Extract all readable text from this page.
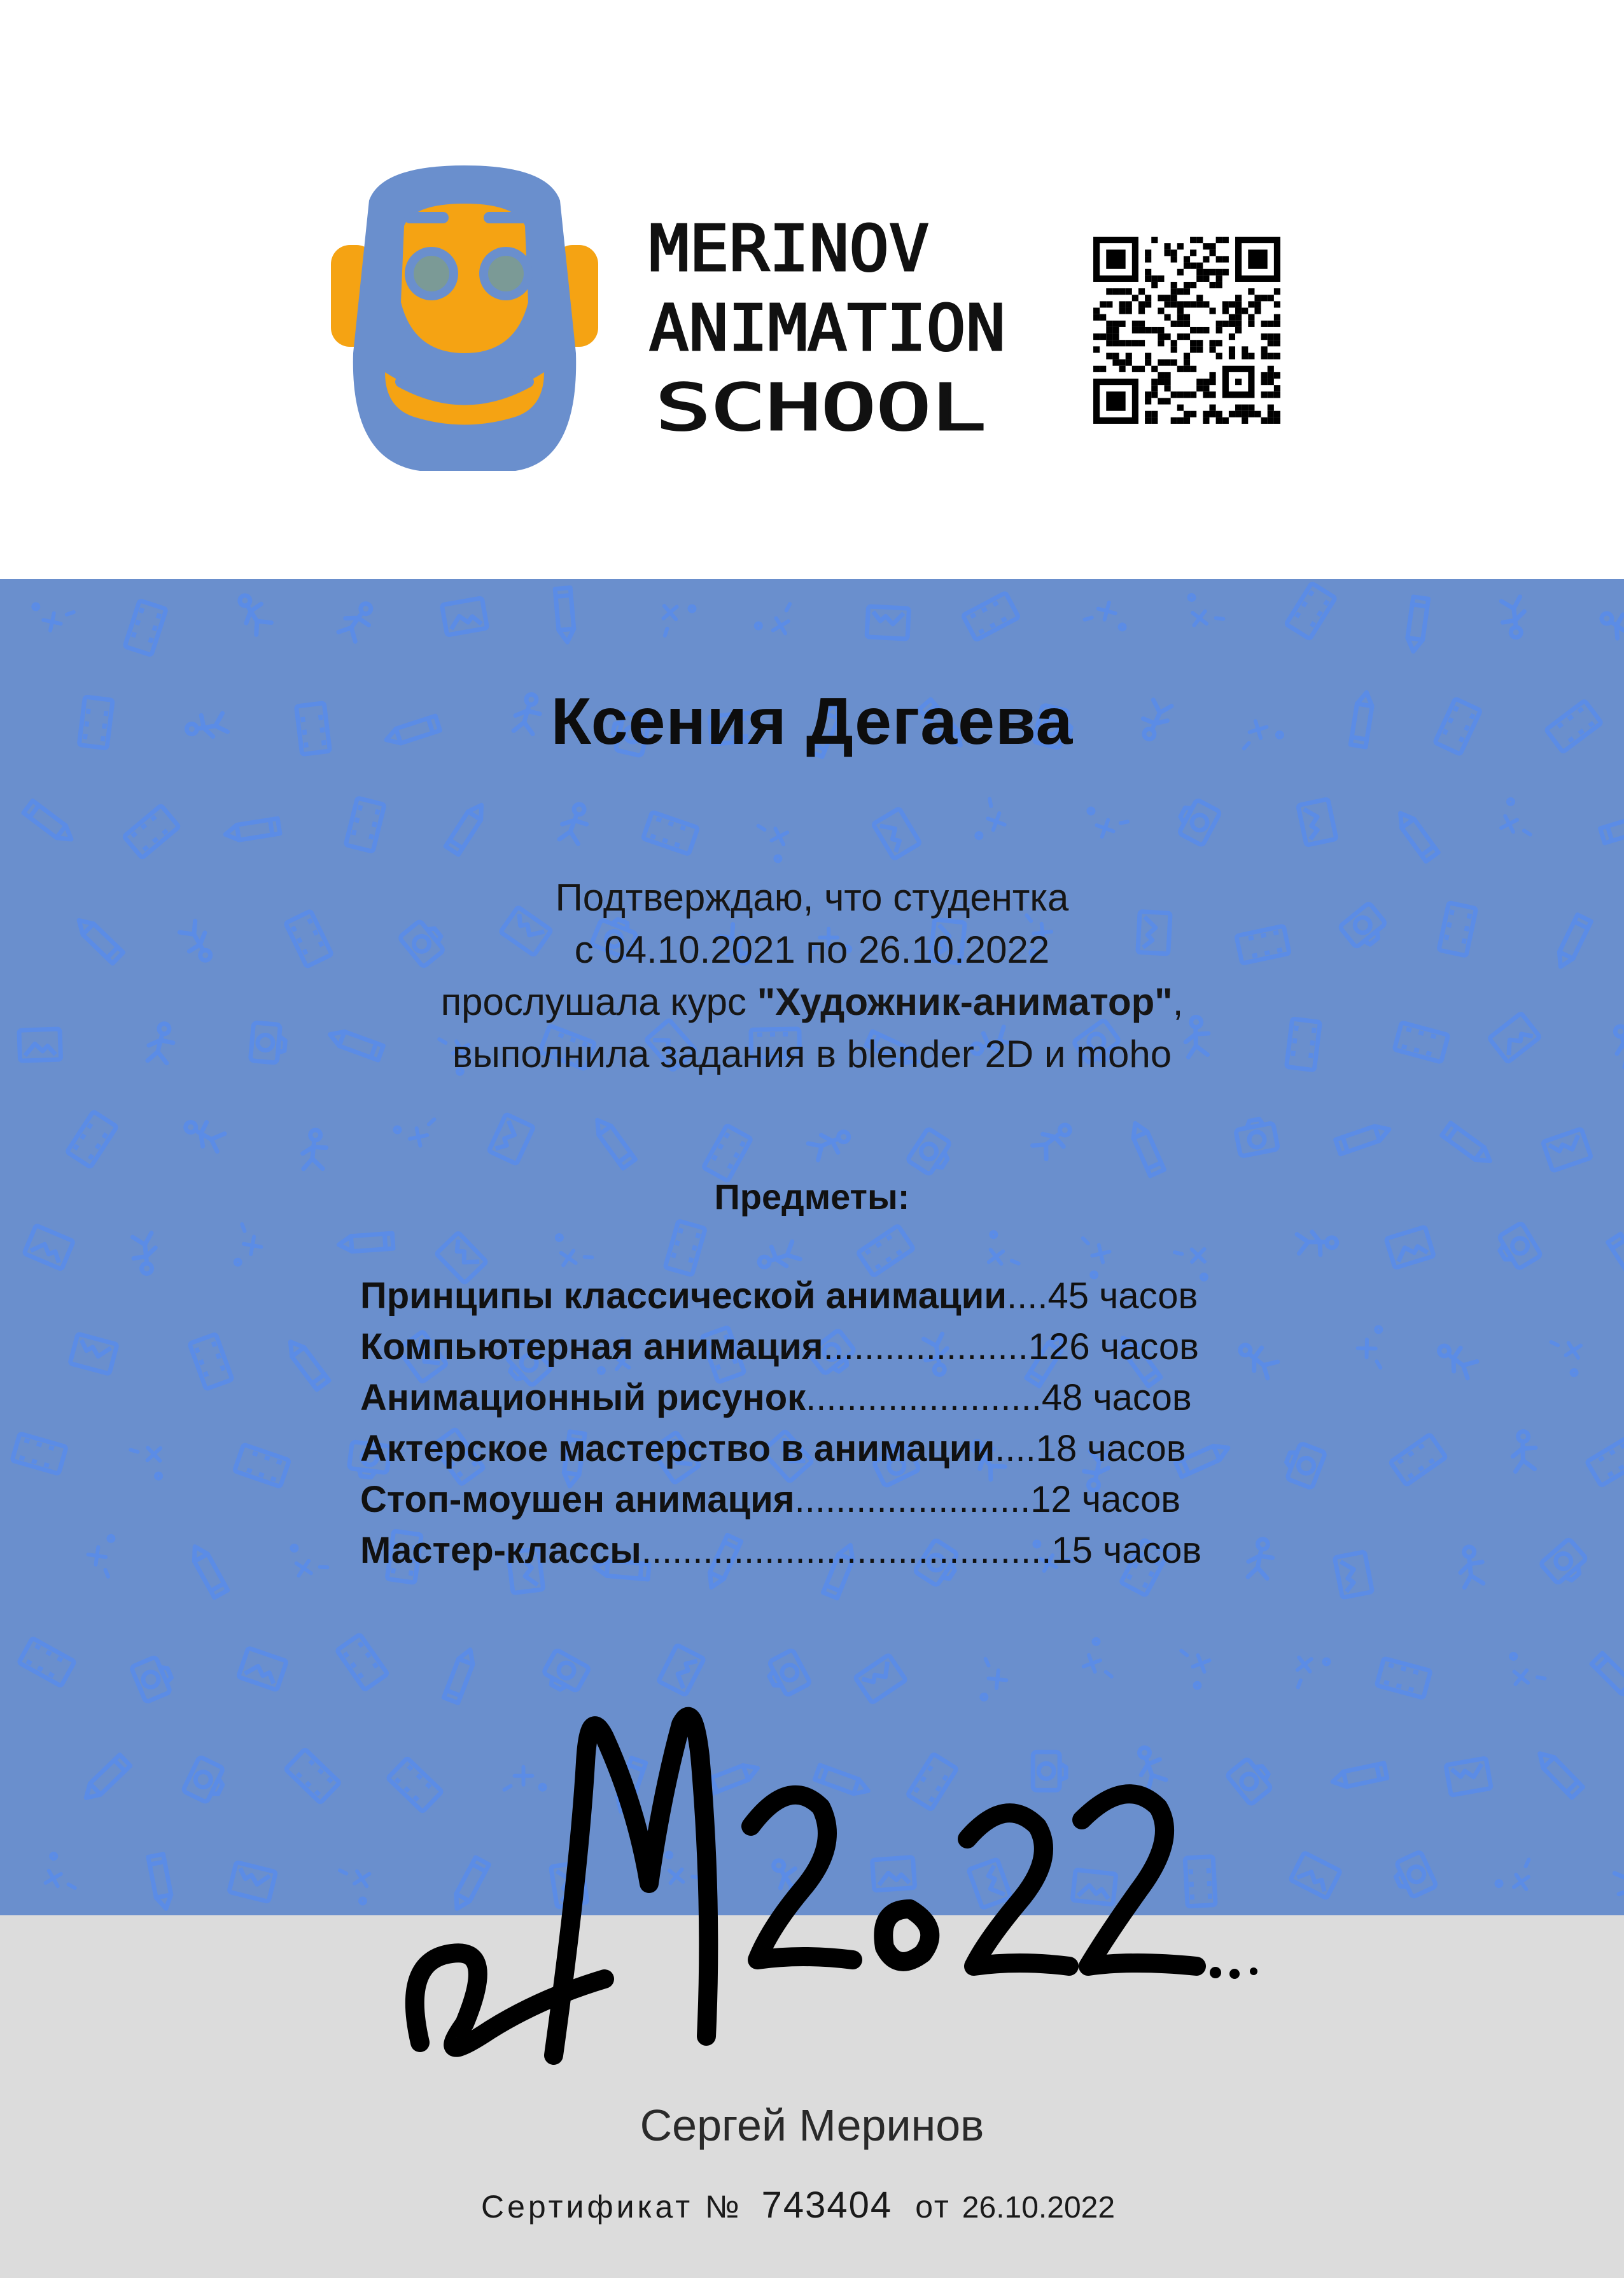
MERINOV
ANIMATION
SCHOOL
Ксения Дегаева
Подтверждаю, что студентка
с 04.10.2021 по 26.10.2022
прослушала курс "Художник-аниматор",
выполнила задания в blender 2D и moho
Предметы:
Принципы классической анимации....45 часов
Компьютерная анимация....................126 часов
Анимационный рисунок.......................48 часов
Актерское мастерство в анимации....18 часов
Стоп-моушен анимация.......................12 часов
Мастер-классы........................................15 часов
Сергей Меринов
Сертификат № 743404 от 26.10.2022
